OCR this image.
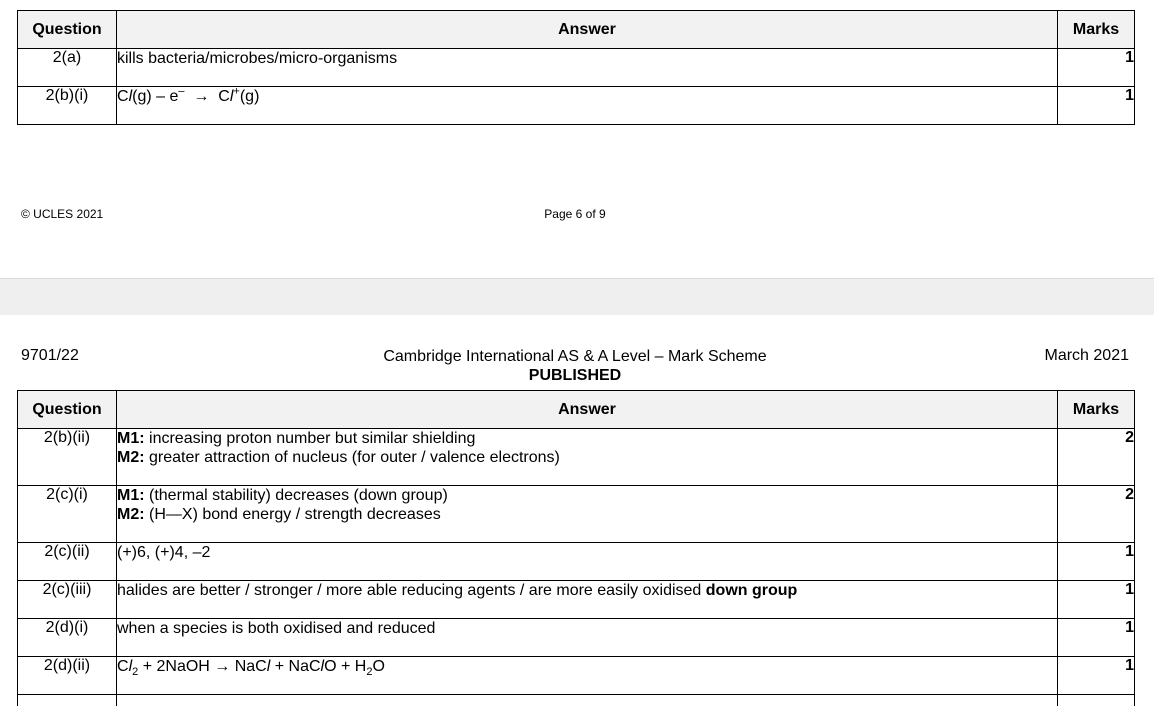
Question	Answer	Marks
2(a)	kills bacteria/microbes/micro-organisms	1
2(b)(i)	Cl(g) – e– → Cl+(g)	1
© UCLES 2021	Page 6 of 9
9701/22	Cambridge International AS & A Level – Mark Scheme
PUBLISHED
March 2021
Question	Answer	Marks
2(b)(ii)	M1: increasing proton number but similar shielding
M2: greater attraction of nucleus (for outer / valence electrons)	2
2(c)(i)	M1: (thermal stability) decreases (down group)
M2: (H—X) bond energy / strength decreases	2
2(c)(ii)	(+)6, (+)4, –2	1
2(c)(iii)	halides are better / stronger / more able reducing agents / are more easily oxidised down group	1
2(d)(i)	when a species is both oxidised and reduced	1
2(d)(ii)	$Cl_2$ + 2NaOH → NaCl + NaClO + $H_2O$	1
